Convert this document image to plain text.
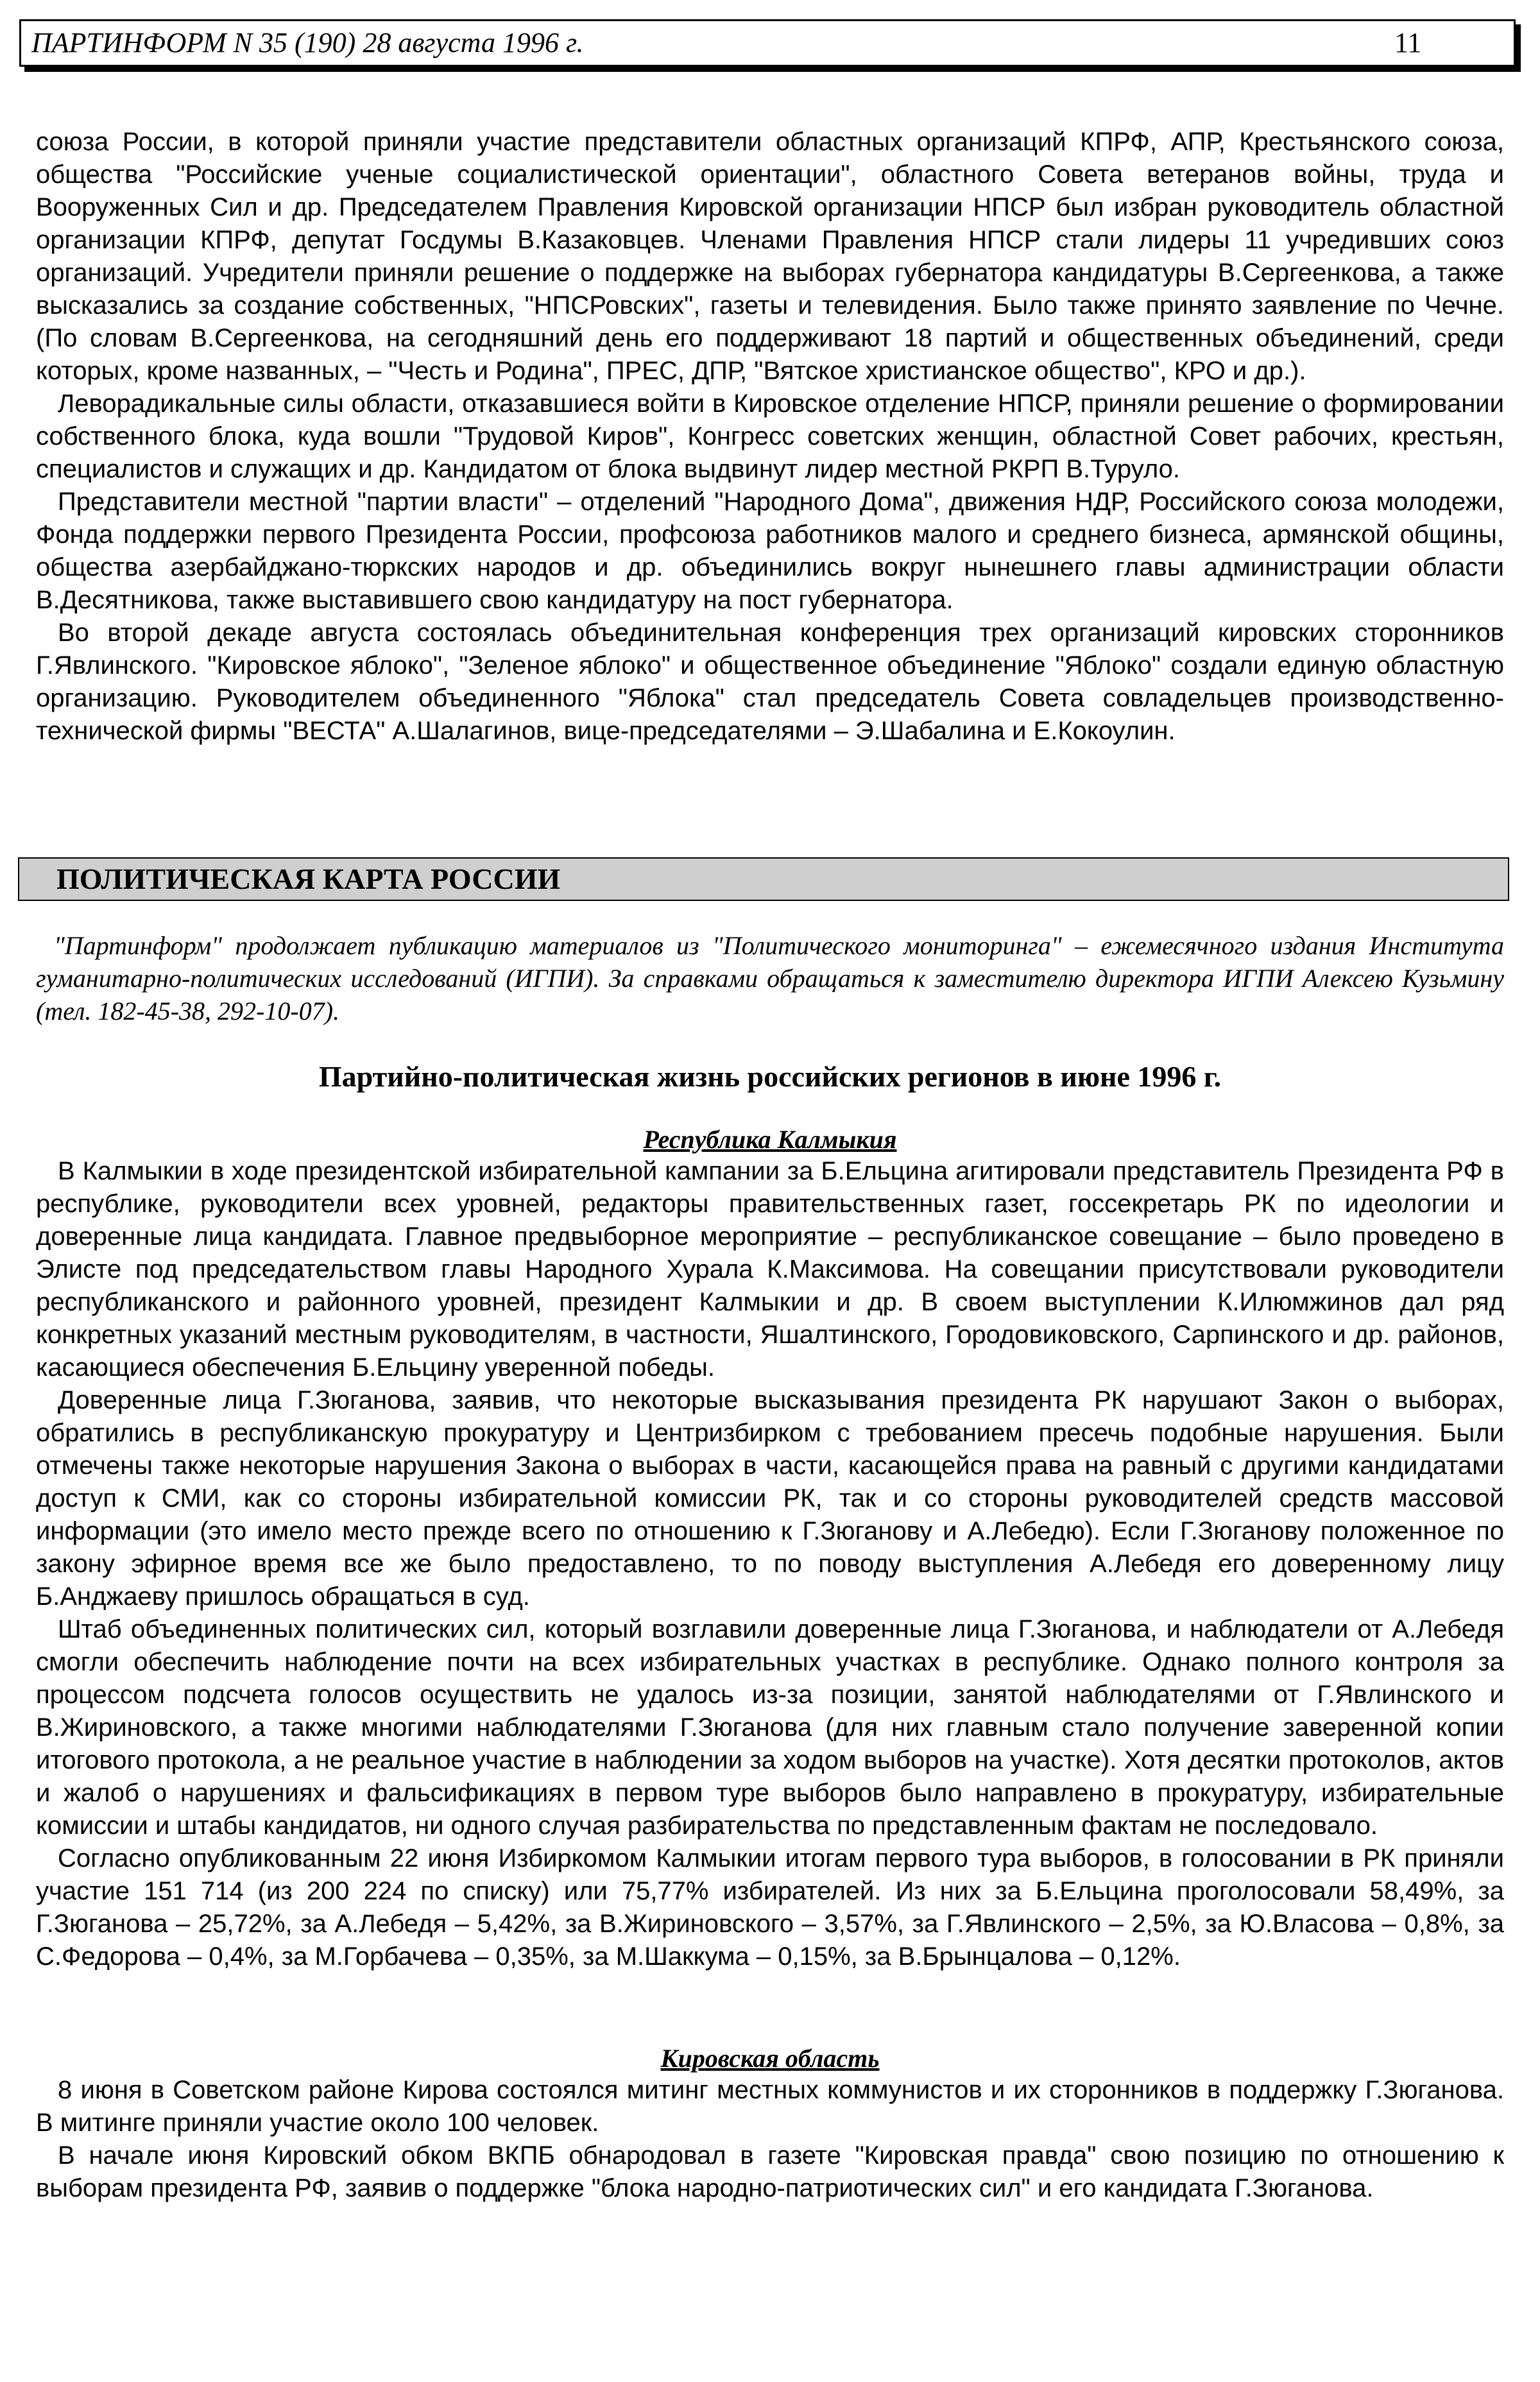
ПАРТИНФОРМ N 35 (190) 28 августа 1996 г.	11

союза России, в которой приняли участие представители областных организаций КПРФ, АПР, Крестьянского союза, общества "Российские ученые социалистической ориентации", областного Совета ветеранов войны, труда и Вооруженных Сил и др. Председателем Правления Кировской организации НПСР был избран руководитель областной организации КПРФ, депутат Госдумы В.Казаковцев. Членами Правления НПСР стали лидеры 11 учредивших союз организаций. Учредители приняли решение о поддержке на выборах губернатора кандидатуры В.Сергеенкова, а также высказались за создание собственных, "НПСРовских", газеты и телевидения. Было также принято заявление по Чечне. (По словам В.Сергеенкова, на сегодняшний день его поддерживают 18 партий и общественных объединений, среди которых, кроме названных, – "Честь и Родина", ПРЕС, ДПР, "Вятское христианское общество", КРО и др.).

Леворадикальные силы области, отказавшиеся войти в Кировское отделение НПСР, приняли решение о формировании собственного блока, куда вошли "Трудовой Киров", Конгресс советских женщин, областной Совет рабочих, крестьян, специалистов и служащих и др. Кандидатом от блока выдвинут лидер местной РКРП В.Туруло.

Представители местной "партии власти" – отделений "Народного Дома", движения НДР, Российского союза молодежи, Фонда поддержки первого Президента России, профсоюза работников малого и среднего бизнеса, армянской общины, общества азербайджано-тюркских народов и др. объединились вокруг нынешнего главы администрации области В.Десятникова, также выставившего свою кандидатуру на пост губернатора.

Во второй декаде августа состоялась объединительная конференция трех организаций кировских сторонников Г.Явлинского. "Кировское яблоко", "Зеленое яблоко" и общественное объединение "Яблоко" создали единую областную организацию. Руководителем объединенного "Яблока" стал председатель Совета совладельцев производственно-технической фирмы "ВЕСТА" А.Шалагинов, вице-председателями – Э.Шабалина и Е.Кокоулин.

ПОЛИТИЧЕСКАЯ КАРТА РОССИИ

"Партинформ" продолжает публикацию материалов из "Политического мониторинга" – ежемесячного издания Института гуманитарно-политических исследований (ИГПИ). За справками обращаться к заместителю директора ИГПИ Алексею Кузьмину (тел. 182-45-38, 292-10-07).

Партийно-политическая жизнь российских регионов в июне 1996 г.

Республика Калмыкия

В Калмыкии в ходе президентской избирательной кампании за Б.Ельцина агитировали представитель Президента РФ в республике, руководители всех уровней, редакторы правительственных газет, госсекретарь РК по идеологии и доверенные лица кандидата. Главное предвыборное мероприятие – республиканское совещание – было проведено в Элисте под председательством главы Народного Хурала К.Максимова. На совещании присутствовали руководители республиканского и районного уровней, президент Калмыкии и др. В своем выступлении К.Илюмжинов дал ряд конкретных указаний местным руководителям, в частности, Яшалтинского, Городовиковского, Сарпинского и др. районов, касающиеся обеспечения Б.Ельцину уверенной победы.

Доверенные лица Г.Зюганова, заявив, что некоторые высказывания президента РК нарушают Закон о выборах, обратились в республиканскую прокуратуру и Центризбирком с требованием пресечь подобные нарушения. Были отмечены также некоторые нарушения Закона о выборах в части, касающейся права на равный с другими кандидатами доступ к СМИ, как со стороны избирательной комиссии РК, так и со стороны руководителей средств массовой информации (это имело место прежде всего по отношению к Г.Зюганову и А.Лебедю). Если Г.Зюганову положенное по закону эфирное время все же было предоставлено, то по поводу выступления А.Лебедя его доверенному лицу Б.Анджаеву пришлось обращаться в суд.

Штаб объединенных политических сил, который возглавили доверенные лица Г.Зюганова, и наблюдатели от А.Лебедя смогли обеспечить наблюдение почти на всех избирательных участках в республике. Однако полного контроля за процессом подсчета голосов осуществить не удалось из-за позиции, занятой наблюдателями от Г.Явлинского и В.Жириновского, а также многими наблюдателями Г.Зюганова (для них главным стало получение заверенной копии итогового протокола, а не реальное участие в наблюдении за ходом выборов на участке). Хотя десятки протоколов, актов и жалоб о нарушениях и фальсификациях в первом туре выборов было направлено в прокуратуру, избирательные комиссии и штабы кандидатов, ни одного случая разбирательства по представленным фактам не последовало.

Согласно опубликованным 22 июня Избиркомом Калмыкии итогам первого тура выборов, в голосовании в РК приняли участие 151 714 (из 200 224 по списку) или 75,77% избирателей. Из них за Б.Ельцина проголосовали 58,49%, за Г.Зюганова – 25,72%, за А.Лебедя – 5,42%, за В.Жириновского – 3,57%, за Г.Явлинского – 2,5%, за Ю.Власова – 0,8%, за С.Федорова – 0,4%, за М.Горбачева – 0,35%, за М.Шаккума – 0,15%, за В.Брынцалова – 0,12%.

Кировская область

8 июня в Советском районе Кирова состоялся митинг местных коммунистов и их сторонников в поддержку Г.Зюганова. В митинге приняли участие около 100 человек.

В начале июня Кировский обком ВКПБ обнародовал в газете "Кировская правда" свою позицию по отношению к выборам президента РФ, заявив о поддержке "блока народно-патриотических сил" и его кандидата Г.Зюганова.
